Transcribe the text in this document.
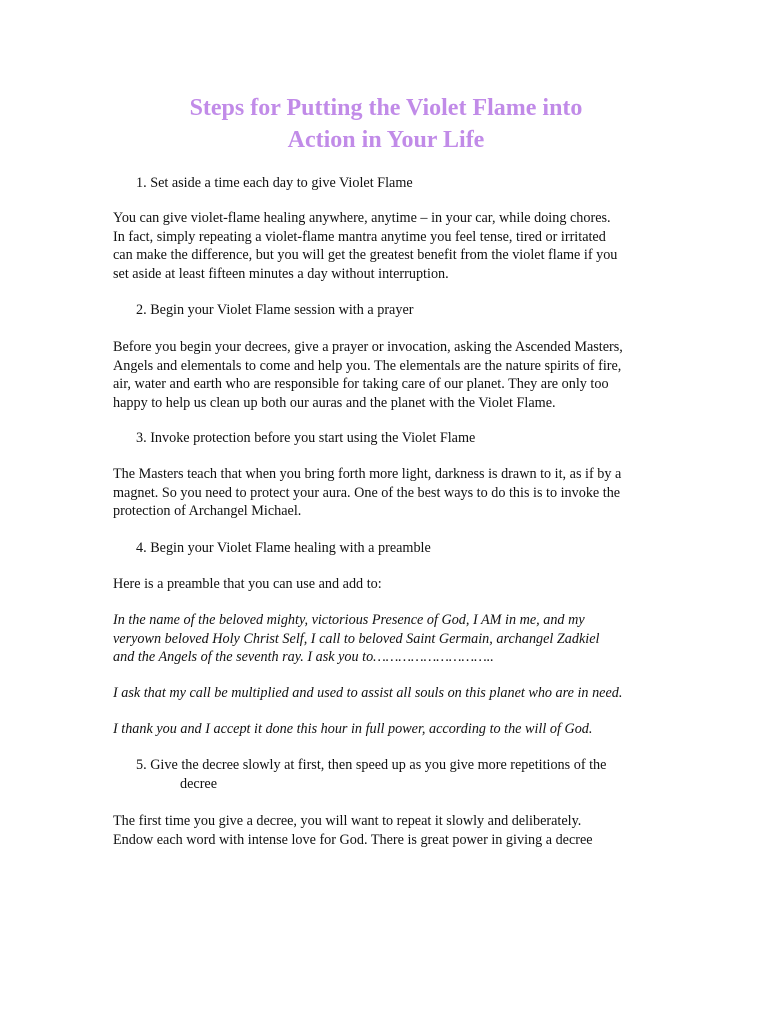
Steps for Putting the Violet Flame into
Action in Your Life
1. Set aside a time each day to give Violet Flame
You can give violet-flame healing anywhere, anytime – in your car, while doing chores.
In fact, simply repeating a violet-flame mantra anytime you feel tense, tired or irritated
can make the difference, but you will get the greatest benefit from the violet flame if you
set aside at least fifteen minutes a day without interruption.
2. Begin your Violet Flame session with a prayer
Before you begin your decrees, give a prayer or invocation, asking the Ascended Masters,
Angels and elementals to come and help you. The elementals are the nature spirits of fire,
air, water and earth who are responsible for taking care of our planet. They are only too
happy to help us clean up both our auras and the planet with the Violet Flame.
3. Invoke protection before you start using the Violet Flame
The Masters teach that when you bring forth more light, darkness is drawn to it, as if by a
magnet. So you need to protect your aura. One of the best ways to do this is to invoke the
protection of Archangel Michael.
4. Begin your Violet Flame healing with a preamble
Here is a preamble that you can use and add to:
In the name of the beloved mighty, victorious Presence of God, I AM in me, and my
veryown beloved Holy Christ Self, I call to beloved Saint Germain, archangel Zadkiel
and the Angels of the seventh ray. I ask you to………………………..
I ask that my call be multiplied and used to assist all souls on this planet who are in need.
I thank you and I accept it done this hour in full power, according to the will of God.
5. Give the decree slowly at first, then speed up as you give more repetitions of the
decree
The first time you give a decree, you will want to repeat it slowly and deliberately.
Endow each word with intense love for God. There is great power in giving a decree
